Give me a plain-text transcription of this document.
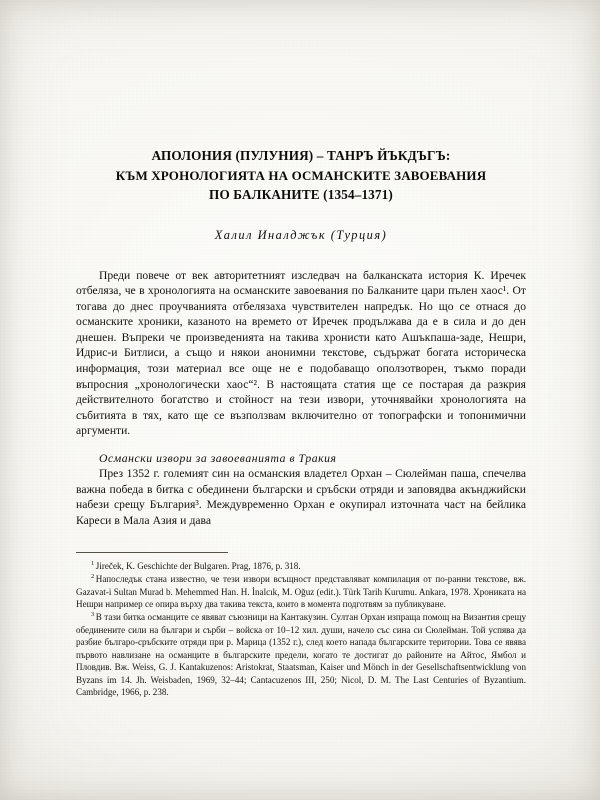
АПОЛОНИЯ (ПУЛУНИЯ) – ТАНРЪ ЙЪКДЪГЪ:
КЪМ ХРОНОЛОГИЯТА НА ОСМАНСКИТЕ ЗАВОЕВАНИЯ
ПО БАЛКАНИТЕ (1354–1371)
Халил Иналджък (Турция)

Преди повече от век авторитетният изследвач на балканската история К. Иречек отбеляза, че в хронологията на османските завоевания по Балканите цари пълен хаос¹. От тогава до днес проучванията отбелязаха чувствителен напредък. Но що се отнася до османските хроники, казаното на времето от Иречек продължава да е в сила и до ден днешен. Въпреки че произведенията на такива хронисти като Ашъкпаша-заде, Нешри, Идрис-и Битлиси, а също и някои анонимни текстове, съдържат богата историческа информация, този материал все още не е подобаващо оползотворен, тъкмо поради въпросния „хронологически хаос“². В настоящата статия ще се постарая да разкрия действителното богатство и стойност на тези извори, уточнявайки хронологията на събитията в тях, като ще се възползвам включително от топографски и топонимични аргументи.

Османски извори за завоеванията в Тракия

През 1352 г. големият син на османския владетел Орхан – Сюлейман паша, спечелва важна победа в битка с обединени български и сръбски отряди и заповядва акънджийски набези срещу България³. Междувременно Орхан е окупирал източната част на бейлика Кареси в Мала Азия и дава

$^1$ Jireček, K. Geschichte der Bulgaren. Prag, 1876, p. 318.

$^2$ Напоследък стана известно, че тези извори всъщност представляват компилация от по-ранни текстове, вж. Gazavat-i Sultan Murad b. Mehemmed Han. H. İnalcık, M. Oğuz (edit.). Türk Tarih Kurumu. Ankara, 1978. Хрониката на Нешри например се опира върху два такива текста, които в момента подготвям за публикуване.

$^3$ В тази битка османците се явяват съюзници на Кантакузин. Султан Орхан изпраща помощ на Византия срещу обединените сили на българи и сърби – войска от 10–12 хил. души, начело със сина си Сюлейман. Той успява да разбие българо-сръбските отряди при р. Марица (1352 г.), след което напада българските територии. Това се явява първото навлизане на османците в българските предели, когато те достигат до районите на Айтос, Ямбол и Пловдив. Вж. Weiss, G. J. Kantakuzenos: Aristokrat, Staatsman, Kaiser und Mönch in der Gesellschaftsentwicklung von Byzans im 14. Jh. Weisbaden, 1969, 32–44; Cantacuzenos III, 250; Nicol, D. M. The Last Centuries of Byzantium. Cambridge, 1966, p. 238.
